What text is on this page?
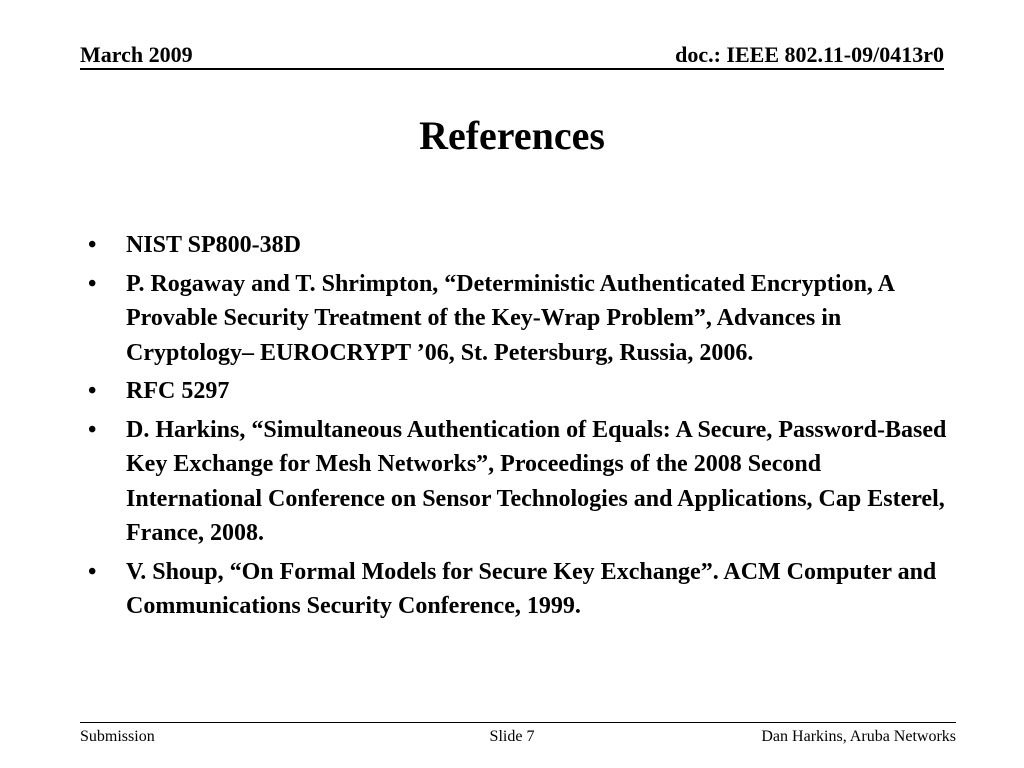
March 2009	doc.: IEEE 802.11-09/0413r0
References
• NIST SP800-38D
• P. Rogaway and T. Shrimpton, “Deterministic Authenticated Encryption, A Provable Security Treatment of the Key-Wrap Problem”, Advances in Cryptology– EUROCRYPT ’06, St. Petersburg, Russia, 2006.
• RFC 5297
• D. Harkins, “Simultaneous Authentication of Equals: A Secure, Password-Based Key Exchange for Mesh Networks”, Proceedings of the 2008 Second International Conference on Sensor Technologies and Applications, Cap Esterel, France, 2008.
• V. Shoup, “On Formal Models for Secure Key Exchange”. ACM Computer and Communications Security Conference, 1999.
Submission	Slide 7	Dan Harkins, Aruba Networks
